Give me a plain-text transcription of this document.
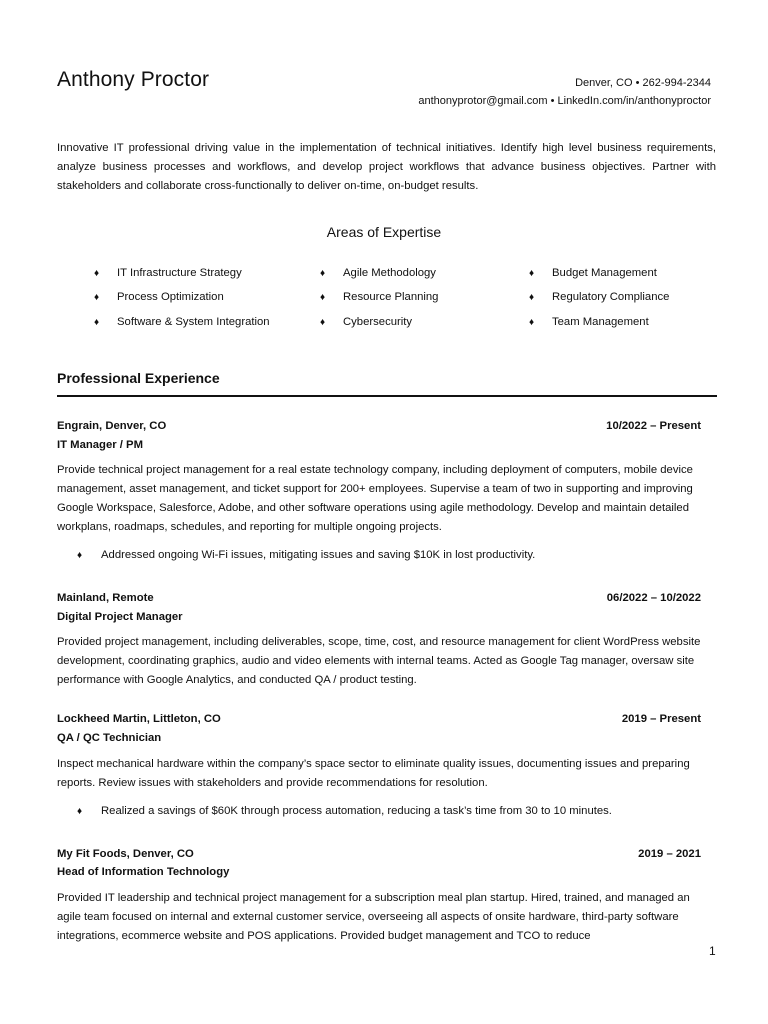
Anthony Proctor	Denver, CO • 262-994-2344
anthonyprotor@gmail.com • LinkedIn.com/in/anthonyproctor
Innovative IT professional driving value in the implementation of technical initiatives. Identify high level business requirements, analyze business processes and workflows, and develop project workflows that advance business objectives. Partner with stakeholders and collaborate cross-functionally to deliver on-time, on-budget results.
Areas of Expertise
♦ IT Infrastructure Strategy	♦ Agile Methodology	♦ Budget Management
♦ Process Optimization	♦ Resource Planning	♦ Regulatory Compliance
♦ Software & System Integration	♦ Cybersecurity	♦ Team Management
Professional Experience
Engrain, Denver, CO	10/2022 – Present
IT Manager / PM
Provide technical project management for a real estate technology company, including deployment of computers, mobile device management, asset management, and ticket support for 200+ employees. Supervise a team of two in supporting and improving Google Workspace, Salesforce, Adobe, and other software operations using agile methodology. Develop and maintain detailed workplans, roadmaps, schedules, and reporting for multiple ongoing projects.
♦ Addressed ongoing Wi-Fi issues, mitigating issues and saving $10K in lost productivity.
Mainland, Remote	06/2022 – 10/2022
Digital Project Manager
Provided project management, including deliverables, scope, time, cost, and resource management for client WordPress website development, coordinating graphics, audio and video elements with internal teams. Acted as Google Tag manager, oversaw site performance with Google Analytics, and conducted QA / product testing.
Lockheed Martin, Littleton, CO	2019 – Present
QA / QC Technician
Inspect mechanical hardware within the company’s space sector to eliminate quality issues, documenting issues and preparing reports. Review issues with stakeholders and provide recommendations for resolution.
♦ Realized a savings of $60K through process automation, reducing a task’s time from 30 to 10 minutes.
My Fit Foods, Denver, CO	2019 – 2021
Head of Information Technology
Provided IT leadership and technical project management for a subscription meal plan startup. Hired, trained, and managed an agile team focused on internal and external customer service, overseeing all aspects of onsite hardware, third-party software integrations, ecommerce website and POS applications. Provided budget management and TCO to reduce
1
